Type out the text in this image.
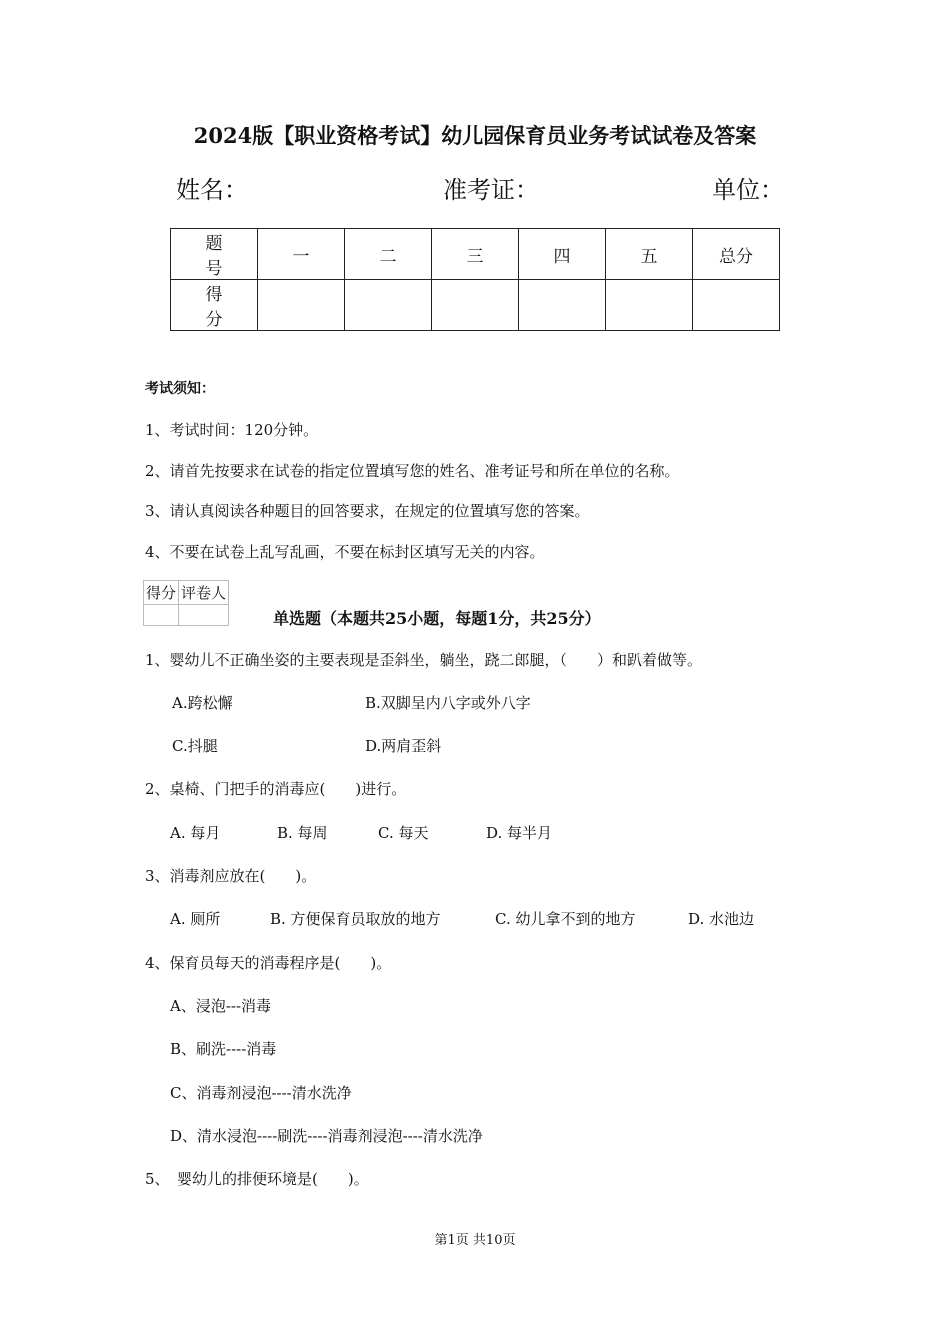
2024版【职业资格考试】幼儿园保育员业务考试试卷及答案
姓名：	准考证：	单位：
题 号	一	二	三	四	五	总分
得 分						
考试须知：
1、考试时间：120分钟。
2、请首先按要求在试卷的指定位置填写您的姓名、准考证号和所在单位的名称。
3、请认真阅读各种题目的回答要求，在规定的位置填写您的答案。
4、不要在试卷上乱写乱画，不要在标封区填写无关的内容。
得分	评卷人

单选题（本题共25小题，每题1分，共25分）
1、婴幼儿不正确坐姿的主要表现是歪斜坐，躺坐，跷二郎腿，（　　）和趴着做等。
A.跨松懈	B.双脚呈内八字或外八字
C.抖腿	D.两肩歪斜
2、桌椅、门把手的消毒应(　　)进行。
A. 每月	B. 每周	C. 每天	D. 每半月
3、消毒剂应放在(　　)。
A. 厕所	B. 方便保育员取放的地方	C. 幼儿拿不到的地方	D. 水池边
4、保育员每天的消毒程序是(　　)。
A、浸泡---消毒
B、刷洗----消毒
C、消毒剂浸泡----清水洗净
D、清水浸泡----刷洗----消毒剂浸泡----清水洗净
5、　婴幼儿的排便环境是(　　)。
第1页 共10页
